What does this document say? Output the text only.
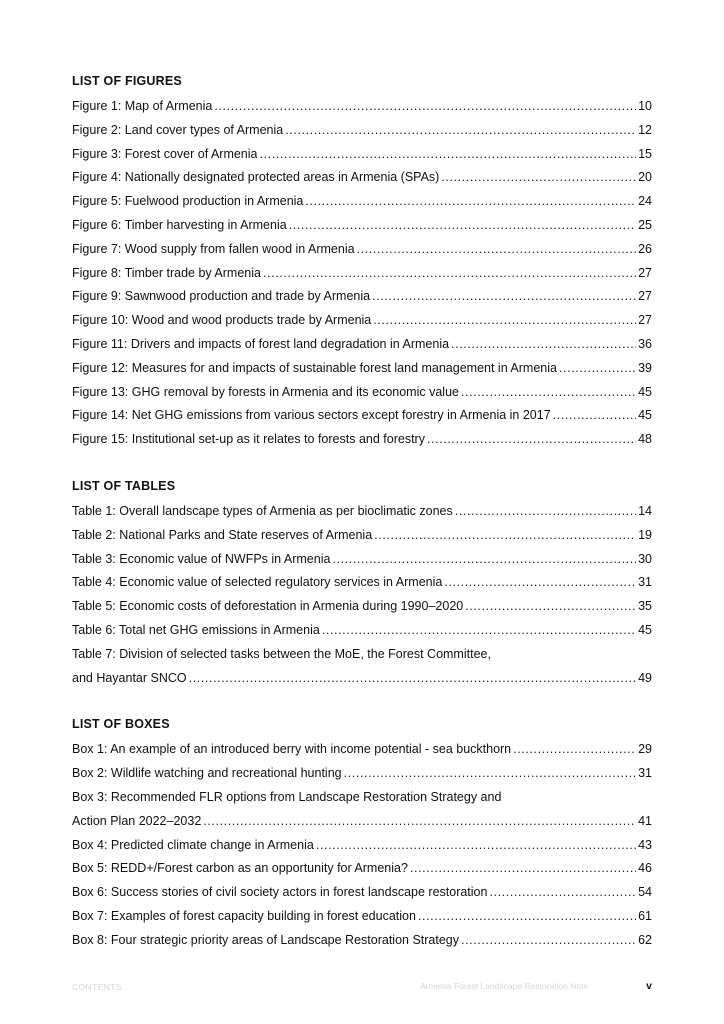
LIST OF FIGURES
Figure 1: Map of Armenia .....	10
Figure 2: Land cover types of Armenia .....	12
Figure 3: Forest cover of Armenia .....	15
Figure 4: Nationally designated protected areas in Armenia (SPAs) .....	20
Figure 5: Fuelwood production in Armenia .....	24
Figure 6: Timber harvesting in Armenia .....	25
Figure 7: Wood supply from fallen wood in Armenia .....	26
Figure 8: Timber trade by Armenia .....	27
Figure 9: Sawnwood production and trade by Armenia .....	27
Figure 10: Wood and wood products trade by Armenia .....	27
Figure 11: Drivers and impacts of forest land degradation in Armenia .....	36
Figure 12: Measures for and impacts of sustainable forest land management in Armenia .....	39
Figure 13: GHG removal by forests in Armenia and its economic value .....	45
Figure 14: Net GHG emissions from various sectors except forestry in Armenia in 2017 .....	45
Figure 15: Institutional set-up as it relates to forests and forestry .....	48
LIST OF TABLES
Table 1: Overall landscape types of Armenia as per bioclimatic zones .....	14
Table 2: National Parks and State reserves of Armenia .....	19
Table 3: Economic value of NWFPs in Armenia .....	30
Table 4: Economic value of selected regulatory services in Armenia .....	31
Table 5: Economic costs of deforestation in Armenia during 1990–2020 .....	35
Table 6: Total net GHG emissions in Armenia .....	45
Table 7: Division of selected tasks between the MoE, the Forest Committee,
and Hayantar SNCO .....	49
LIST OF BOXES
Box 1: An example of an introduced berry with income potential - sea buckthorn .....	29
Box 2: Wildlife watching and recreational hunting .....	31
Box 3: Recommended FLR options from Landscape Restoration Strategy and
Action Plan 2022–2032 .....	41
Box 4: Predicted climate change in Armenia .....	43
Box 5: REDD+/Forest carbon as an opportunity for Armenia? .....	46
Box 6: Success stories of civil society actors in forest landscape restoration .....	54
Box 7: Examples of forest capacity building in forest education .....	61
Box 8: Four strategic priority areas of Landscape Restoration Strategy .....	62
CONTENTS	Armenia Forest Landscape Restoration Note	v
